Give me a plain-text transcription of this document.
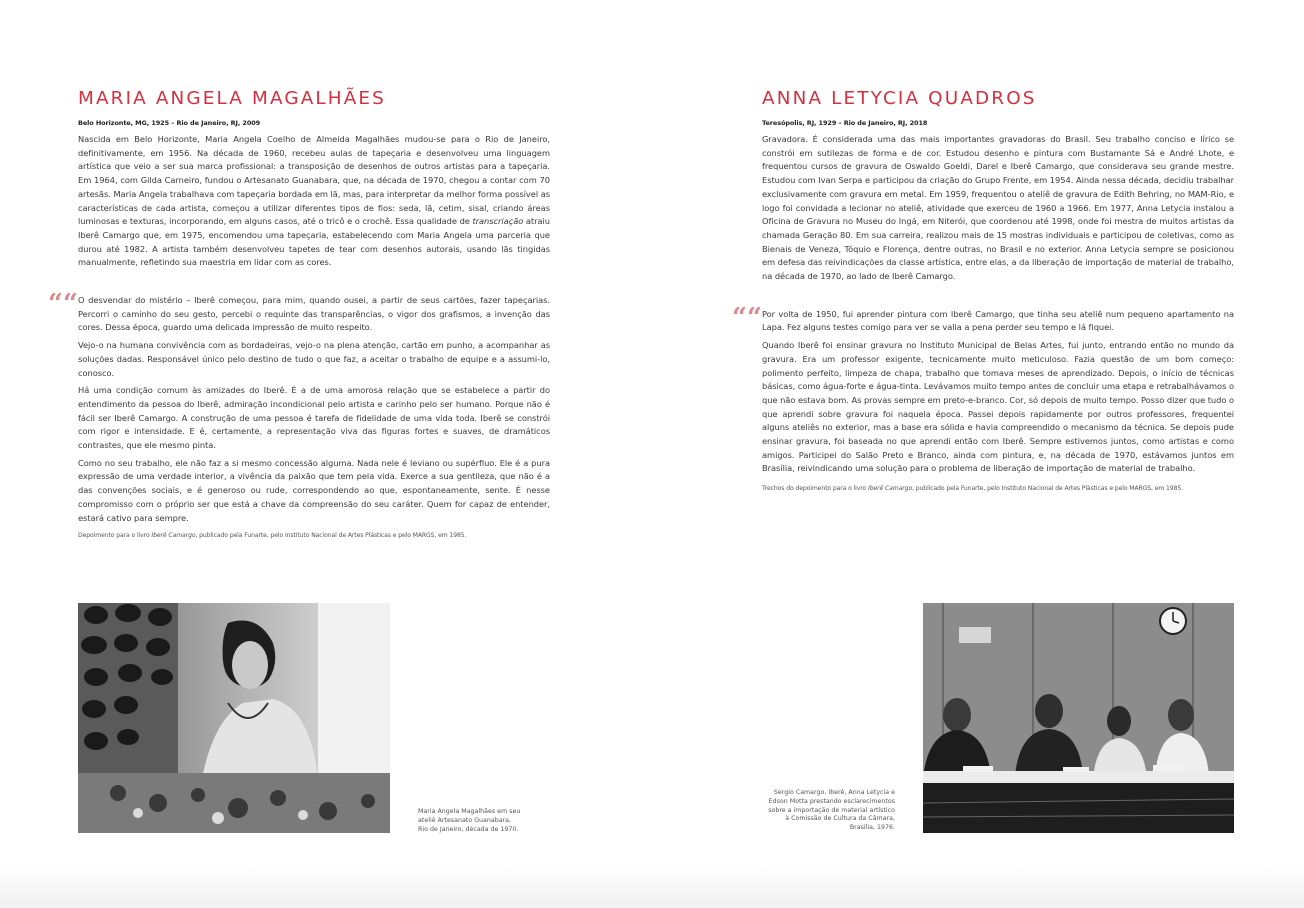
MARIA ANGELA MAGALHÃES
Belo Horizonte, MG, 1925 – Rio de Janeiro, RJ, 2009

Nascida em Belo Horizonte, Maria Angela Coelho de Almeida Magalhães mudou-se para o Rio de Janeiro, definitivamente, em 1956. Na década de 1960, recebeu aulas de tapeçaria e desenvolveu uma linguagem artística que veio a ser sua marca profissional: a transposição de desenhos de outros artistas para a tapeçaria. Em 1964, com Gilda Carneiro, fundou o Artesanato Guanabara, que, na década de 1970, chegou a contar com 70 artesãs. Maria Angela trabalhava com tapeçaria bordada em lã, mas, para interpretar da melhor forma possível as características de cada artista, começou a utilizar diferentes tipos de fios: seda, lã, cetim, sisal, criando áreas luminosas e texturas, incorporando, em alguns casos, até o tricô e o crochê. Essa qualidade de transcriação atraiu Iberê Camargo que, em 1975, encomendou uma tapeçaria, estabelecendo com Maria Angela uma parceria que durou até 1982. A artista também desenvolveu tapetes de tear com desenhos autorais, usando lãs tingidas manualmente, refletindo sua maestria em lidar com as cores.

““ O desvendar do mistério – Iberê começou, para mim, quando ousei, a partir de seus cartões, fazer tapeçarias. Percorri o caminho do seu gesto, percebi o requinte das transparências, o vigor dos grafismos, a invenção das cores. Dessa época, guardo uma delicada impressão de muito respeito.

Vejo-o na humana convivência com as bordadeiras, vejo-o na plena atenção, cartão em punho, a acompanhar as soluções dadas. Responsável único pelo destino de tudo o que faz, a aceitar o trabalho de equipe e a assumi-lo, conosco.

Há uma condição comum às amizades do Iberê. É a de uma amorosa relação que se estabelece a partir do entendimento da pessoa do Iberê, admiração incondicional pelo artista e carinho pelo ser humano. Porque não é fácil ser Iberê Camargo. A construção de uma pessoa é tarefa de fidelidade de uma vida toda. Iberê se constrói com rigor e intensidade. E é, certamente, a representação viva das figuras fortes e suaves, de dramáticos contrastes, que ele mesmo pinta.

Como no seu trabalho, ele não faz a si mesmo concessão alguma. Nada nele é leviano ou supérfluo. Ele é a pura expressão de uma verdade interior, a vivência da paixão que tem pela vida. Exerce a sua gentileza, que não é a das convenções sociais, e é generoso ou rude, correspondendo ao que, espontaneamente, sente. É nesse compromisso com o próprio ser que está a chave da compreensão do seu caráter. Quem for capaz de entender, estará cativo para sempre.

Depoimento para o livro Iberê Camargo, publicado pela Funarte, pelo Instituto Nacional de Artes Plásticas e pelo MARGS, em 1985.
Maria Angela Magalhães em seu
ateliê Artesanato Guanabara,
Rio de Janeiro, década de 1970.
ANNA LETYCIA QUADROS
Teresópolis, RJ, 1929 – Rio de Janeiro, RJ, 2018

Gravadora. É considerada uma das mais importantes gravadoras do Brasil. Seu trabalho conciso e lírico se constrói em sutilezas de forma e de cor. Estudou desenho e pintura com Bustamante Sá e André Lhote, e frequentou cursos de gravura de Oswaldo Goeldi, Darel e Iberê Camargo, que considerava seu grande mestre. Estudou com Ivan Serpa e participou da criação do Grupo Frente, em 1954. Ainda nessa década, decidiu trabalhar exclusivamente com gravura em metal. Em 1959, frequentou o ateliê de gravura de Edith Behring, no MAM-Rio, e logo foi convidada a lecionar no ateliê, atividade que exerceu de 1960 a 1966. Em 1977, Anna Letycia instalou a Oficina de Gravura no Museu do Ingá, em Niterói, que coordenou até 1998, onde foi mestra de muitos artistas da chamada Geração 80. Em sua carreira, realizou mais de 15 mostras individuais e participou de coletivas, como as Bienais de Veneza, Tóquio e Florença, dentre outras, no Brasil e no exterior. Anna Letycia sempre se posicionou em defesa das reivindicações da classe artística, entre elas, a da liberação de importação de material de trabalho, na década de 1970, ao lado de Iberê Camargo.

““ Por volta de 1950, fui aprender pintura com Iberê Camargo, que tinha seu ateliê num pequeno apartamento na Lapa. Fez alguns testes comigo para ver se valia a pena perder seu tempo e lá fiquei.

Quando Iberê foi ensinar gravura no Instituto Municipal de Belas Artes, fui junto, entrando então no mundo da gravura. Era um professor exigente, tecnicamente muito meticuloso. Fazia questão de um bom começo: polimento perfeito, limpeza de chapa, trabalho que tomava meses de aprendizado. Depois, o início de técnicas básicas, como água-forte e água-tinta. Levávamos muito tempo antes de concluir uma etapa e retrabalhávamos o que não estava bom. As provas sempre em preto-e-branco. Cor, só depois de muito tempo. Posso dizer que tudo o que aprendi sobre gravura foi naquela época. Passei depois rapidamente por outros professores, frequentei alguns ateliês no exterior, mas a base era sólida e havia compreendido o mecanismo da técnica. Se depois pude ensinar gravura, foi baseada no que aprendi então com Iberê. Sempre estivemos juntos, como artistas e como amigos. Participei do Salão Preto e Branco, ainda com pintura, e, na década de 1970, estávamos juntos em Brasília, reivindicando uma solução para o problema de liberação de importação de material de trabalho.

Trechos do depoimento para o livro Iberê Camargo, publicado pela Funarte, pelo Instituto Nacional de Artes Plásticas e pelo MARGS, em 1985.
Sergio Camargo, Iberê, Anna Letycia e
Edson Motta prestando esclarecimentos
sobre a importação de material artístico
à Comissão de Cultura da Câmara,
Brasília, 1976.
